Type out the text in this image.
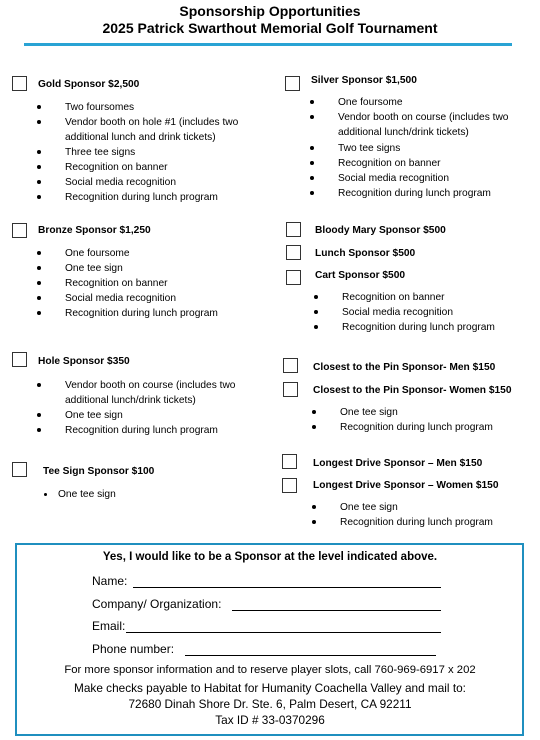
Sponsorship Opportunities
2025 Patrick Swarthout Memorial Golf Tournament
Gold Sponsor $2,500
Two foursomes
Vendor booth on hole #1 (includes two
additional lunch and drink tickets)
Three tee signs
Recognition on banner
Social media recognition
Recognition during lunch program
Silver Sponsor $1,500
One foursome
Vendor booth on course (includes two
additional lunch/drink tickets)
Two tee signs
Recognition on banner
Social media recognition
Recognition during lunch program
Bronze Sponsor $1,250
One foursome
One tee sign
Recognition on banner
Social media recognition
Recognition during lunch program
Bloody Mary Sponsor $500
Lunch Sponsor $500
Cart Sponsor $500
Recognition on banner
Social media recognition
Recognition during lunch program
Hole Sponsor $350
Vendor booth on course (includes two
additional lunch/drink tickets)
One tee sign
Recognition during lunch program
Closest to the Pin Sponsor- Men $150
Closest to the Pin Sponsor- Women $150
One tee sign
Recognition during lunch program
Tee Sign Sponsor $100
One tee sign
Longest Drive Sponsor – Men $150
Longest Drive Sponsor – Women $150
One tee sign
Recognition during lunch program
Yes, I would like to be a Sponsor at the level indicated above.
Name:
Company/ Organization:
Email:
Phone number:
For more sponsor information and to reserve player slots, call 760-969-6917 x 202
Make checks payable to Habitat for Humanity Coachella Valley and mail to:
72680 Dinah Shore Dr. Ste. 6, Palm Desert, CA 92211
Tax ID # 33-0370296
